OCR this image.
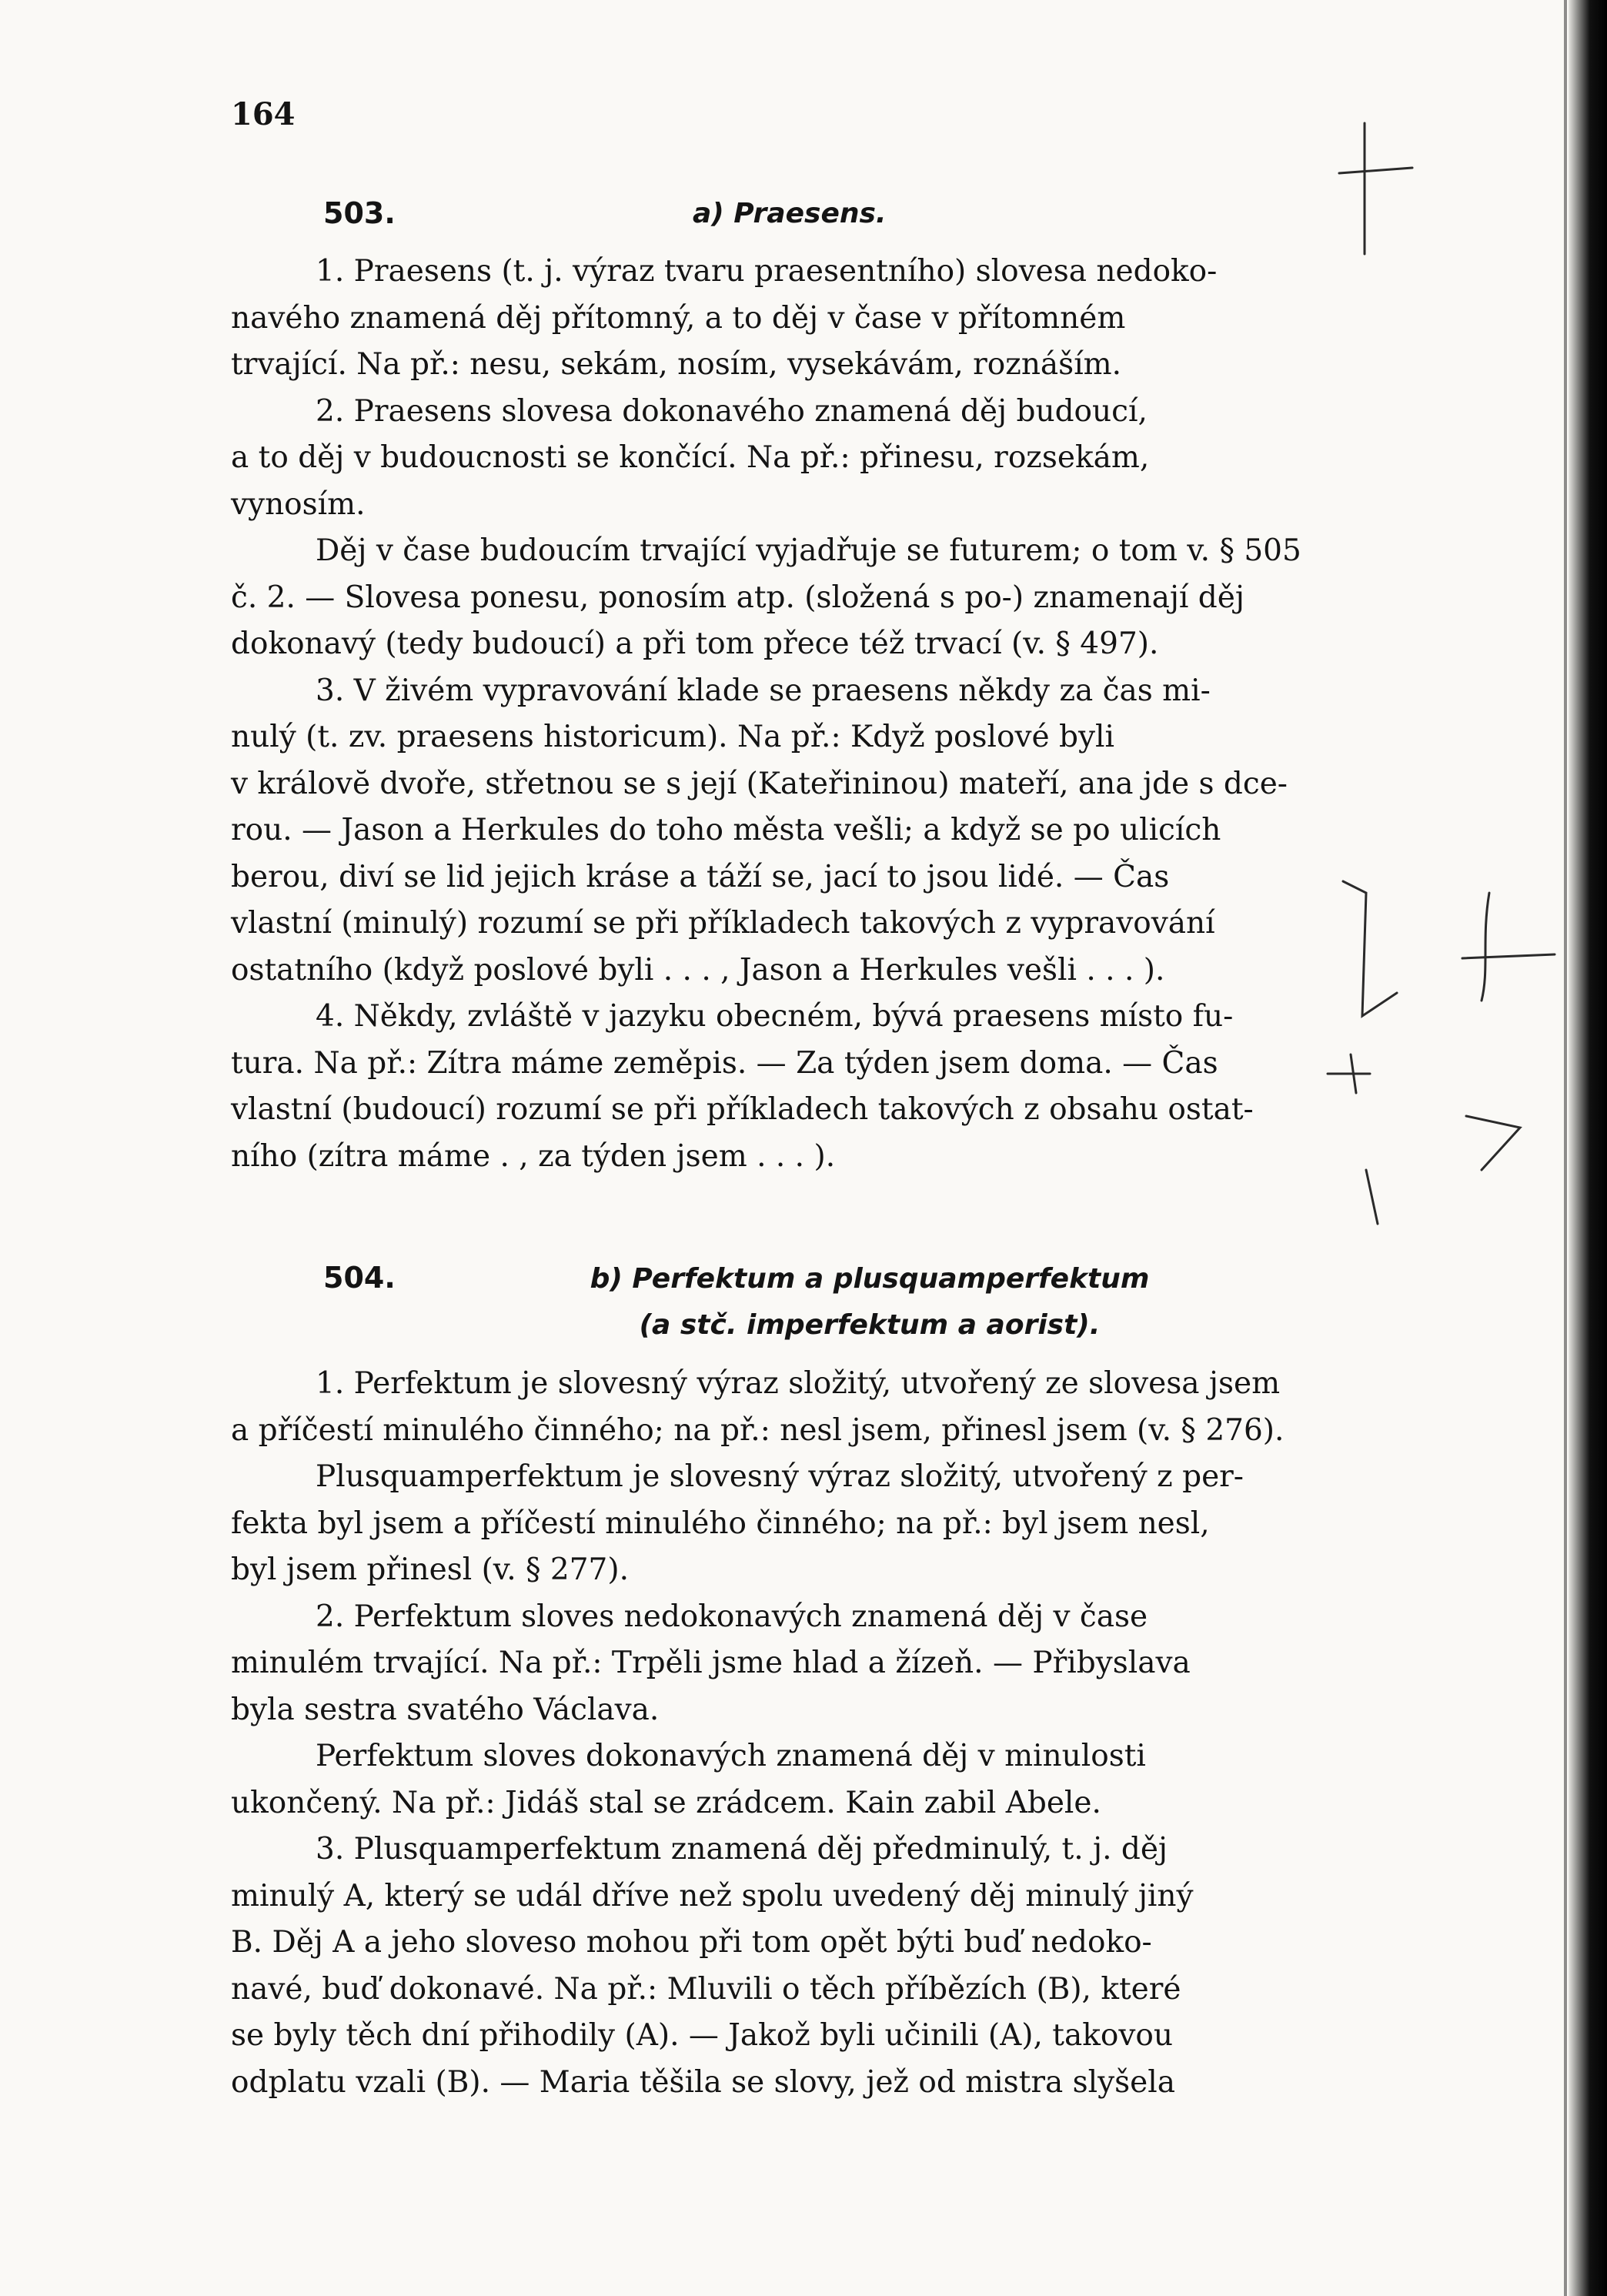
164
503.	a) Praesens.
1. Praesens (t. j. výraz tvaru praesentního) slovesa nedoko-
navého znamená děj přítomný, a to děj v čase v přítomném
trvající. Na př.: nesu, sekám, nosím, vysekávám, roznáším.
2. Praesens slovesa dokonavého znamená děj budoucí,
a to děj v budoucnosti se končící. Na př.: přinesu, rozsekám,
vynosím.
Děj v čase budoucím trvající vyjadřuje se futurem; o tom v. § 505
č. 2. — Slovesa ponesu, ponosím atp. (složená s po-) znamenají děj
dokonavý (tedy budoucí) a při tom přece též trvací (v. § 497).
3. V živém vypravování klade se praesens někdy za čas mi-
nulý (t. zv. praesens historicum). Na př.: Když poslové byli
v královĕ dvoře, střetnou se s její (Kateřininou) mateří, ana jde s dce-
rou. — Jason a Herkules do toho města vešli; a když se po ulicích
berou, diví se lid jejich kráse a táží se, jací to jsou lidé. — Čas
vlastní (minulý) rozumí se při příkladech takových z vypravování
ostatního (když poslové byli . . . , Jason a Herkules vešli . . . ).
4. Někdy, zvláště v jazyku obecném, bývá praesens místo fu-
tura. Na př.: Zítra máme zeměpis. — Za týden jsem doma. — Čas
vlastní (budoucí) rozumí se při příkladech takových z obsahu ostat-
ního (zítra máme . , za týden jsem . . . ).
504.	b) Perfektum a plusquamperfektum
(a stč. imperfektum a aorist).
1. Perfektum je slovesný výraz složitý, utvořený ze slovesa jsem
a příčestí minulého činného; na př.: nesl jsem, přinesl jsem (v. § 276).
Plusquamperfektum je slovesný výraz složitý, utvořený z per-
fekta byl jsem a příčestí minulého činného; na př.: byl jsem nesl,
byl jsem přinesl (v. § 277).
2. Perfektum sloves nedokonavých znamená děj v čase
minulém trvající. Na př.: Trpěli jsme hlad a žízeň. — Přibyslava
byla sestra svatého Václava.
Perfektum sloves dokonavých znamená děj v minulosti
ukončený. Na př.: Jidáš stal se zrádcem. Kain zabil Abele.
3. Plusquamperfektum znamená děj předminulý, t. j. děj
minulý A, který se udál dříve než spolu uvedený děj minulý jiný
B. Děj A a jeho sloveso mohou při tom opět býti buď nedoko-
navé, buď dokonavé. Na př.: Mluvili o těch příbězích (B), které
se byly těch dní přihodily (A). — Jakož byli učinili (A), takovou
odplatu vzali (B). — Maria těšila se slovy, jež od mistra slyšela
